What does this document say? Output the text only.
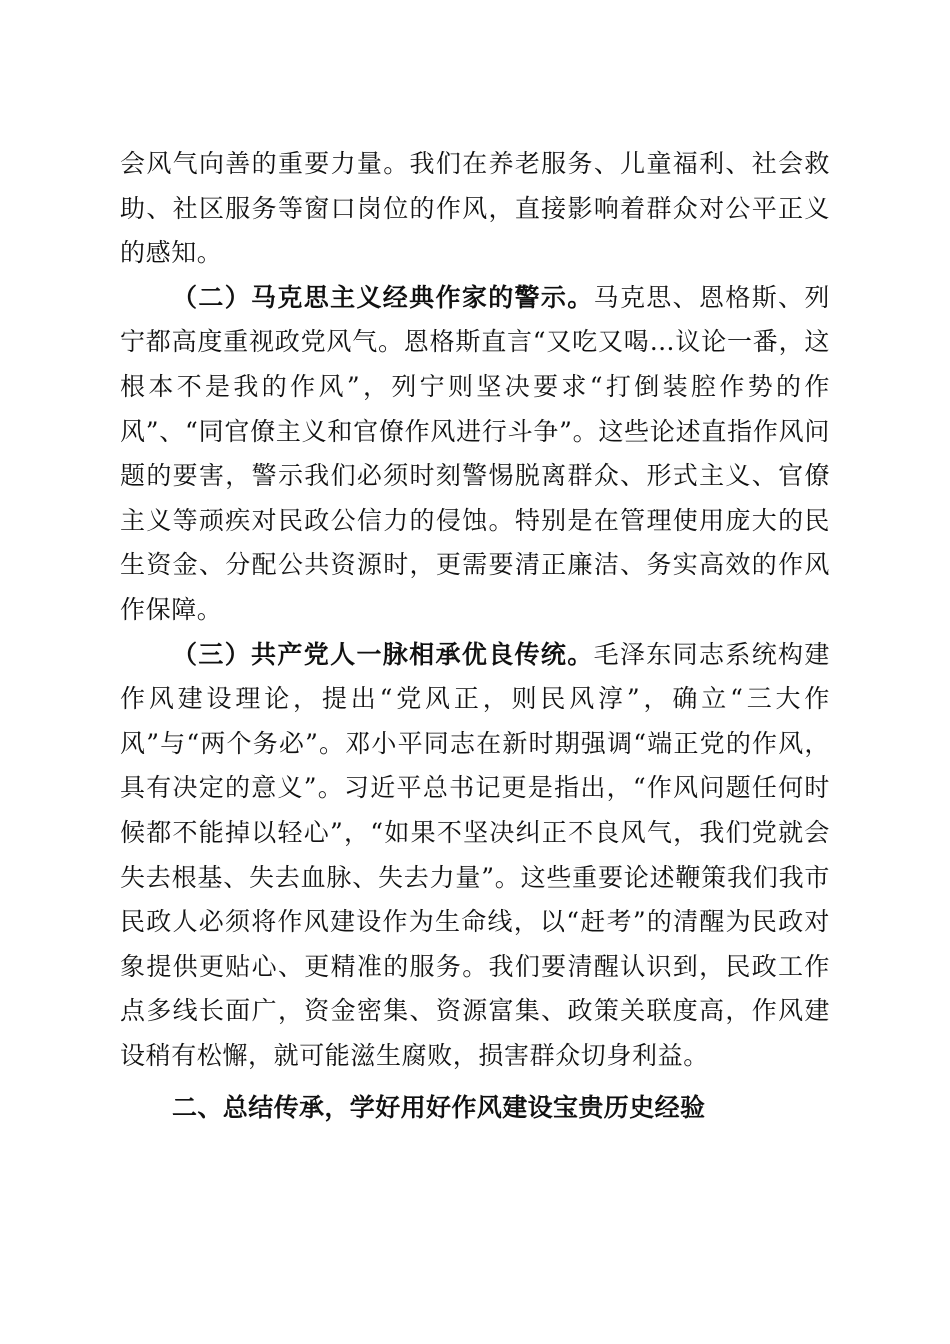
会风气向善的重要力量。我们在养老服务、儿童福利、社会救助、社区服务等窗口岗位的作风，直接影响着群众对公平正义的感知。

（二）马克思主义经典作家的警示。马克思、恩格斯、列宁都高度重视政党风气。恩格斯直言“又吃又喝…议论一番，这根本不是我的作风”，列宁则坚决要求“打倒装腔作势的作风”、“同官僚主义和官僚作风进行斗争”。这些论述直指作风问题的要害，警示我们必须时刻警惕脱离群众、形式主义、官僚主义等顽疾对民政公信力的侵蚀。特别是在管理使用庞大的民生资金、分配公共资源时，更需要清正廉洁、务实高效的作风作保障。

（三）共产党人一脉相承优良传统。毛泽东同志系统构建作风建设理论，提出“党风正，则民风淳”，确立“三大作风”与“两个务必”。邓小平同志在新时期强调“端正党的作风，具有决定的意义”。习近平总书记更是指出，“作风问题任何时候都不能掉以轻心”，“如果不坚决纠正不良风气，我们党就会失去根基、失去血脉、失去力量”。这些重要论述鞭策我们我市民政人必须将作风建设作为生命线，以“赶考”的清醒为民政对象提供更贴心、更精准的服务。我们要清醒认识到，民政工作点多线长面广，资金密集、资源富集、政策关联度高，作风建设稍有松懈，就可能滋生腐败，损害群众切身利益。

二、总结传承，学好用好作风建设宝贵历史经验
